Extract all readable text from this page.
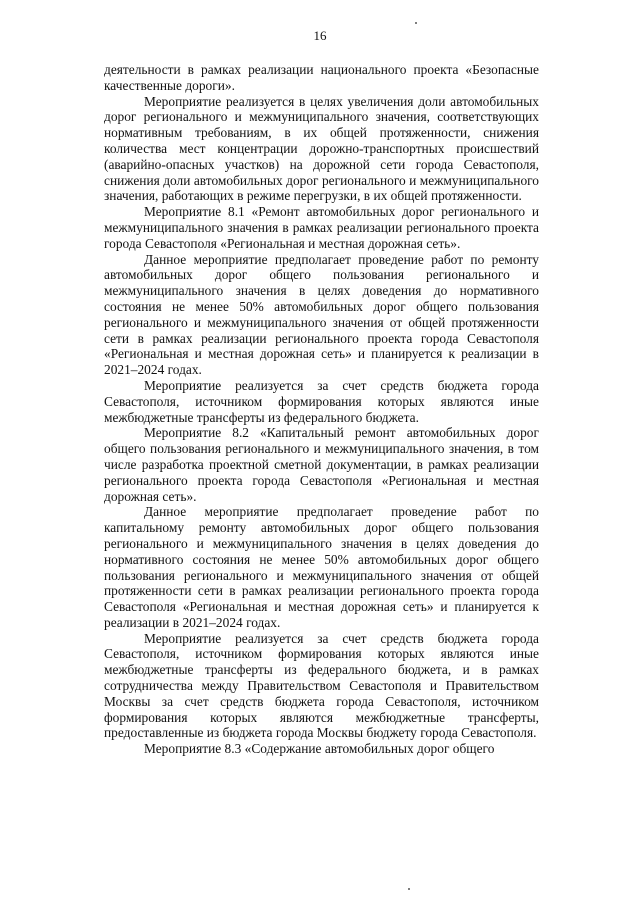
16

деятельности в рамках реализации национального проекта «Безопасные качественные дороги».

Мероприятие реализуется в целях увеличения доли автомобильных дорог регионального и межмуниципального значения, соответствующих нормативным требованиям, в их общей протяженности, снижения количества мест концентрации дорожно-транспортных происшествий (аварийно-опасных участков) на дорожной сети города Севастополя, снижения доли автомобильных дорог регионального и межмуниципального значения, работающих в режиме перегрузки, в их общей протяженности.

Мероприятие 8.1 «Ремонт автомобильных дорог регионального и межмуниципального значения в рамках реализации регионального проекта города Севастополя «Региональная и местная дорожная сеть».

Данное мероприятие предполагает проведение работ по ремонту автомобильных дорог общего пользования регионального и межмуниципального значения в целях доведения до нормативного состояния не менее 50% автомобильных дорог общего пользования регионального и межмуниципального значения от общей протяженности сети в рамках реализации регионального проекта города Севастополя «Региональная и местная дорожная сеть» и планируется к реализации в 2021–2024 годах.

Мероприятие реализуется за счет средств бюджета города Севастополя, источником формирования которых являются иные межбюджетные трансферты из федерального бюджета.

Мероприятие 8.2 «Капитальный ремонт автомобильных дорог общего пользования регионального и межмуниципального значения, в том числе разработка проектной сметной документации, в рамках реализации регионального проекта города Севастополя «Региональная и местная дорожная сеть».

Данное мероприятие предполагает проведение работ по капитальному ремонту автомобильных дорог общего пользования регионального и межмуниципального значения в целях доведения до нормативного состояния не менее 50% автомобильных дорог общего пользования регионального и межмуниципального значения от общей протяженности сети в рамках реализации регионального проекта города Севастополя «Региональная и местная дорожная сеть» и планируется к реализации в 2021–2024 годах.

Мероприятие реализуется за счет средств бюджета города Севастополя, источником формирования которых являются иные межбюджетные трансферты из федерального бюджета, и в рамках сотрудничества между Правительством Севастополя и Правительством Москвы за счет средств бюджета города Севастополя, источником формирования которых являются межбюджетные трансферты, предоставленные из бюджета города Москвы бюджету города Севастополя.

Мероприятие 8.3 «Содержание автомобильных дорог общего
